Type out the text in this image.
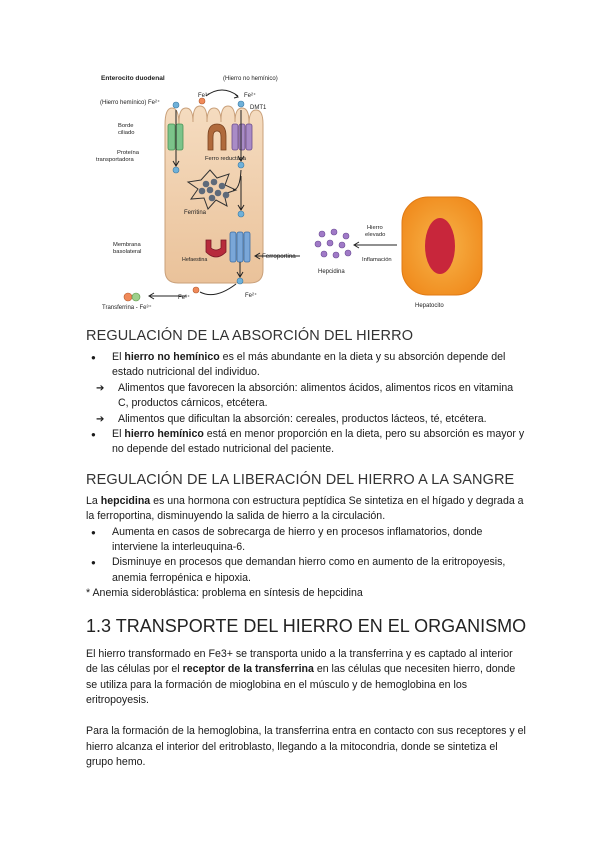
Enterocito duodenal	(Hierro no hemínico)
Fe³⁺	Fe²⁺
(Hierro hemínico) Fe²⁺
DMT1
Borde
ciliado
Proteína
transportadora	Ferro reductasa
Ferritina
Membrana
basolateral
Hefaestina	Ferroportina
Hepcidina
Hierro
elevado
Inflamación
Hepatocito
Transferrina - Fe³⁺
Fe³⁺	Fe²⁺
REGULACIÓN DE LA ABSORCIÓN DEL HIERRO
● El hierro no hemínico es el más abundante en la dieta y su absorción depende del estado nutricional del individuo.
➔ Alimentos que favorecen la absorción: alimentos ácidos, alimentos ricos en vitamina C, productos cárnicos, etcétera.
➔ Alimentos que dificultan la absorción: cereales, productos lácteos, té, etcétera.
● El hierro hemínico está en menor proporción en la dieta, pero su absorción es mayor y no depende del estado nutricional del paciente.
REGULACIÓN DE LA LIBERACIÓN DEL HIERRO A LA SANGRE

La hepcidina es una hormona con estructura peptídica Se sintetiza en el hígado y degrada a la ferroportina, disminuyendo la salida de hierro a la circulación.

● Aumenta en casos de sobrecarga de hierro y en procesos inflamatorios, donde interviene la interleuquina-6.
● Disminuye en procesos que demandan hierro como en aumento de la eritropoyesis, anemia ferropénica e hipoxia.

* Anemia sideroblástica: problema en síntesis de hepcidina

1.3 TRANSPORTE DEL HIERRO EN EL ORGANISMO

El hierro transformado en Fe3+ se transporta unido a la transferrina y es captado al interior de las células por el receptor de la transferrina en las células que necesiten hierro, donde se utiliza para la formación de mioglobina en el músculo y de hemoglobina en los eritropoyesis.

Para la formación de la hemoglobina, la transferrina entra en contacto con sus receptores y el hierro alcanza el interior del eritroblasto, llegando a la mitocondria, donde se sintetiza el grupo hemo.
